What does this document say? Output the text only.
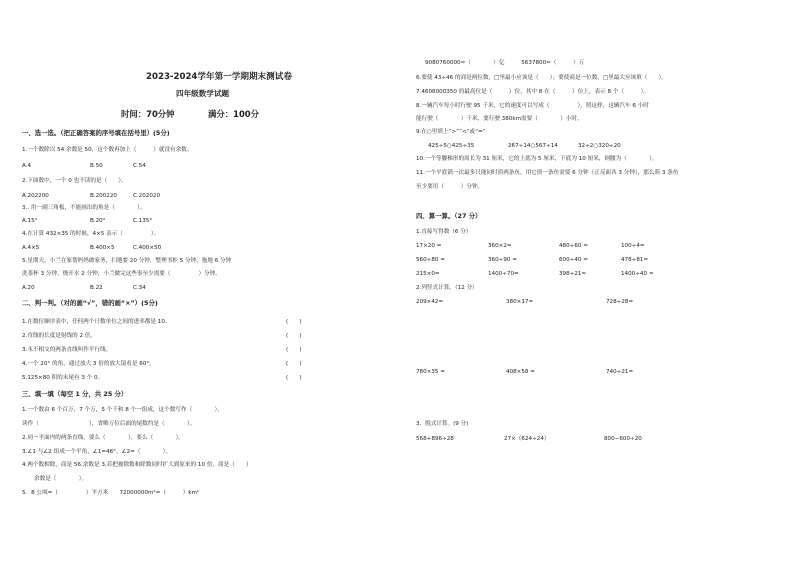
2023-2024学年第一学期期末测试卷
四年级数学试题
时间：70分钟	满分：100分
一、选一选。（把正确答案的序号填在括号里）(5分)
1.一个数除以 54 余数是 50，这个数再加上（　　　）就没有余数。
A.4	B.50	C.54
2.下面数中，一个 0 也不读的是（　　）。
A.202200	B.200220	C.202020
3.. 用一副三角板，不能画出的角是（　　　　）。
A.15°	B.20°	C.135°
4.在计算 432×35 的时候，4×5 表示（　　　　　）。
A.4×5	B.400×5	C.400×50
5.星期天，小兰在家帮妈妈做家务，扫地要 20 分钟，整理书柜 5 分钟，拖地 6 分钟
洗茶杯 3 分钟，烧开水 2 分钟，小兰做完这些事至少需要（　　　　　）分钟。
A.20	B.22	C.34
二、判一判。（对的画“√”，错的画“×”）(5分)
1.在数位顺序表中，任何两个计数单位之间的进率都是 10。	(　　)
2.直线的长度是射线的 2 倍。	(　　)
3.永不相交的两条直线叫作平行线。	(　　)
4.一个 20° 的角，通过放大 3 倍的放大镜看是 60°。	(　　)
5.125×80 积的末尾有 3 个 0。	(　　)
三、填一填（每空 1 分，共 25 分）
1.一个数由 6 个百万，7 个万，5 个千和 8 个一组成，这个数写作（　　　　），
读作（　　　　　　　　　），省略万位后面的尾数约是（　　　　）。
2.同一平面内的两条直线，要么（　　　　），要么（　　　　）。
3.∠1 与∠2 组成一个平角，∠1=46°，∠2=（　　　　）。
4.两个数相除，商是 56,余数是 3,若把被除数和除数同时扩大到原来的 10 倍，商是（　　）
余数是（　　　　）。
5．8 公顷=（　　　　　）平方米　　72000000m²=（　　　）km²
9080760000≈（　　　　）亿　　　5637800≈（　　　）万
6.要使 43÷46 的商是两位数，□里最小应该是（　　）；要使商是一位数，□里最大应该填（　　）。
7.4608000350 的最高位是（　　　）位，其中 8 在（　　　）位上，表示 8 个（　　　）。
8.一辆汽车每小时行驶 95 千米，它的速度可以写成（　　　　　），照这样，这辆汽车 6 小时
能行驶（　　　　）千米，要行驶 380km需要（　　　　）小时。
9.在○里填上“>”“<”或“=”
425÷5○425÷35	267÷14○567÷14	32÷2○320÷20
10.一个等腰梯形的周长为 31 厘米，它的上底为 5 厘米，下底为 10 厘米，则腰为（　　　　）。
11.一个平底锅一次最多只能同时煎两条鱼，用它煎一条鱼需要 6 分钟（正反面各 3 分钟），那么煎 3 条鱼
至少要用（　　　）分钟。
四、算一算。（27 分）
1.直接写得数（6 分）
17×20 =	360×2=	480÷60 =	100÷4=
560÷80 =	360÷90 =	600÷40 =	478÷81≈
215×0=	1400÷70=	398÷21≈	1400÷40 =
2.列竖式计算。（12 分）
209×42=	380×17=	728÷28=
780×35 =	408×58 =	740÷21=
3．脱式计算。(9 分)
568+896÷28	27×（624÷24）	800−600÷20
